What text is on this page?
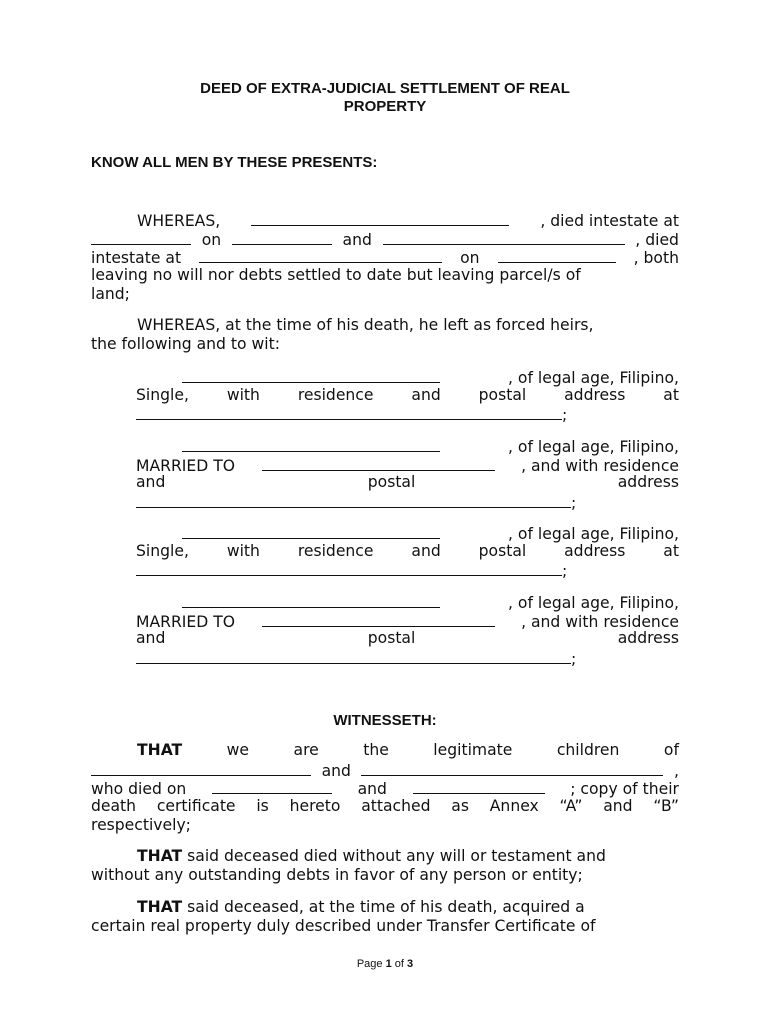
DEED OF EXTRA-JUDICIAL SETTLEMENT OF REAL
PROPERTY
KNOW ALL MEN BY THESE PRESENTS:
WHEREAS,	, died intestate at
on	and	, died
intestate at	on	, both
leaving no will nor debts settled to date but leaving parcel/s of
land;
WHEREAS, at the time of his death, he left as forced heirs,
the following and to wit:
, of legal age, Filipino,
Single, with residence and postal address at
;
, of legal age, Filipino,
MARRIED TO	, and with residence
and	postal	address
;
, of legal age, Filipino,
Single, with residence and postal address at
;
, of legal age, Filipino,
MARRIED TO	, and with residence
and	postal	address
;
WITNESSETH:
THAT	we	are	the	legitimate	children	of
and	,
who died on	and	; copy of their
death certificate is hereto attached as Annex “A” and “B”
respectively;
THAT said deceased died without any will or testament and
without any outstanding debts in favor of any person or entity;
THAT said deceased, at the time of his death, acquired a
certain real property duly described under Transfer Certificate of
Page 1 of 3
